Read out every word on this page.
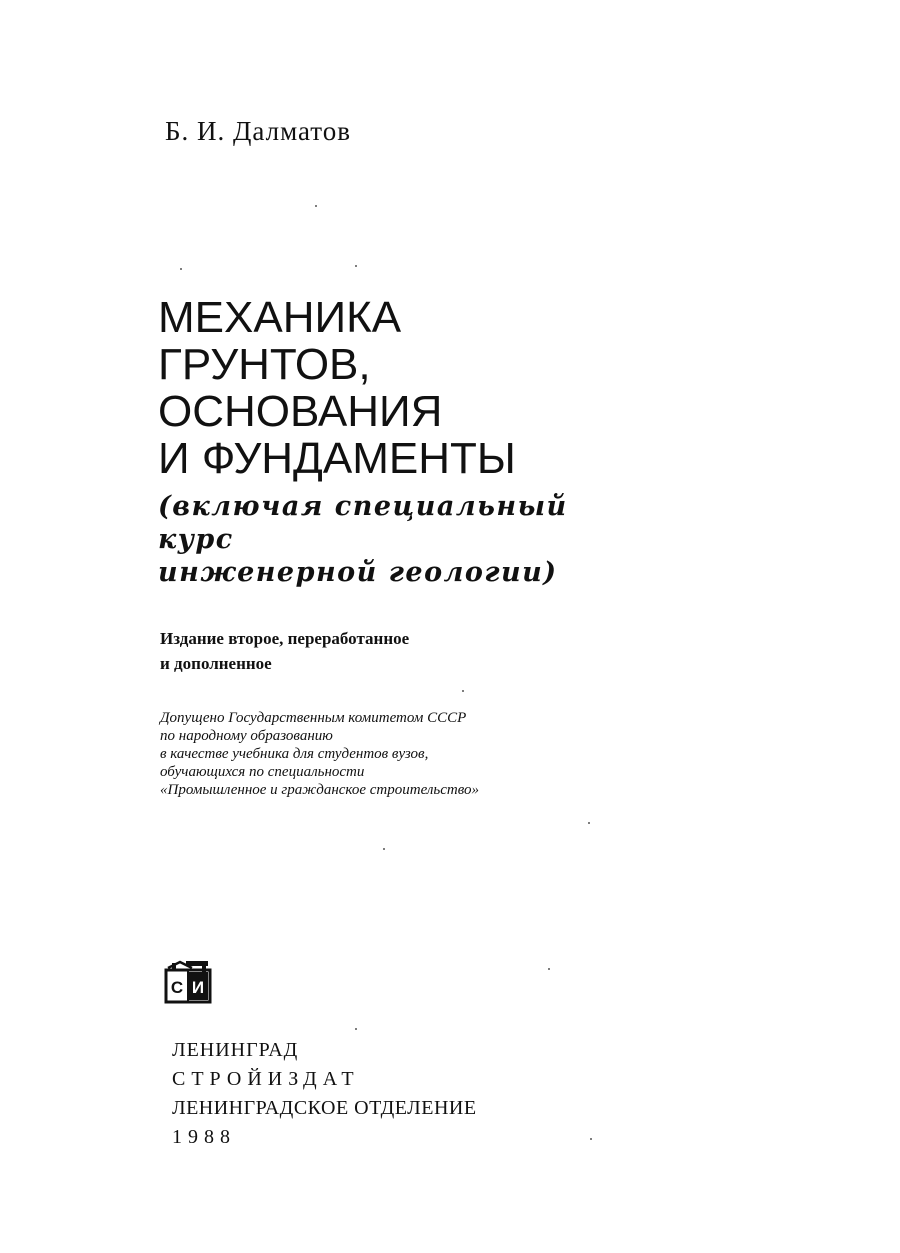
Б. И. Далматов
МЕХАНИКА
ГРУНТОВ,
ОСНОВАНИЯ
И ФУНДАМЕНТЫ
(включая специальный
курс
инженерной геологии)
Издание второе, переработанное
и дополненное
Допущено Государственным комитетом СССР
по народному образованию
в качестве учебника для студентов вузов,
обучающихся по специальности
«Промышленное и гражданское строительство»
С И
ЛЕНИНГРАД
СТРОЙИЗДАТ
ЛЕНИНГРАДСКОЕ ОТДЕЛЕНИЕ
1988
